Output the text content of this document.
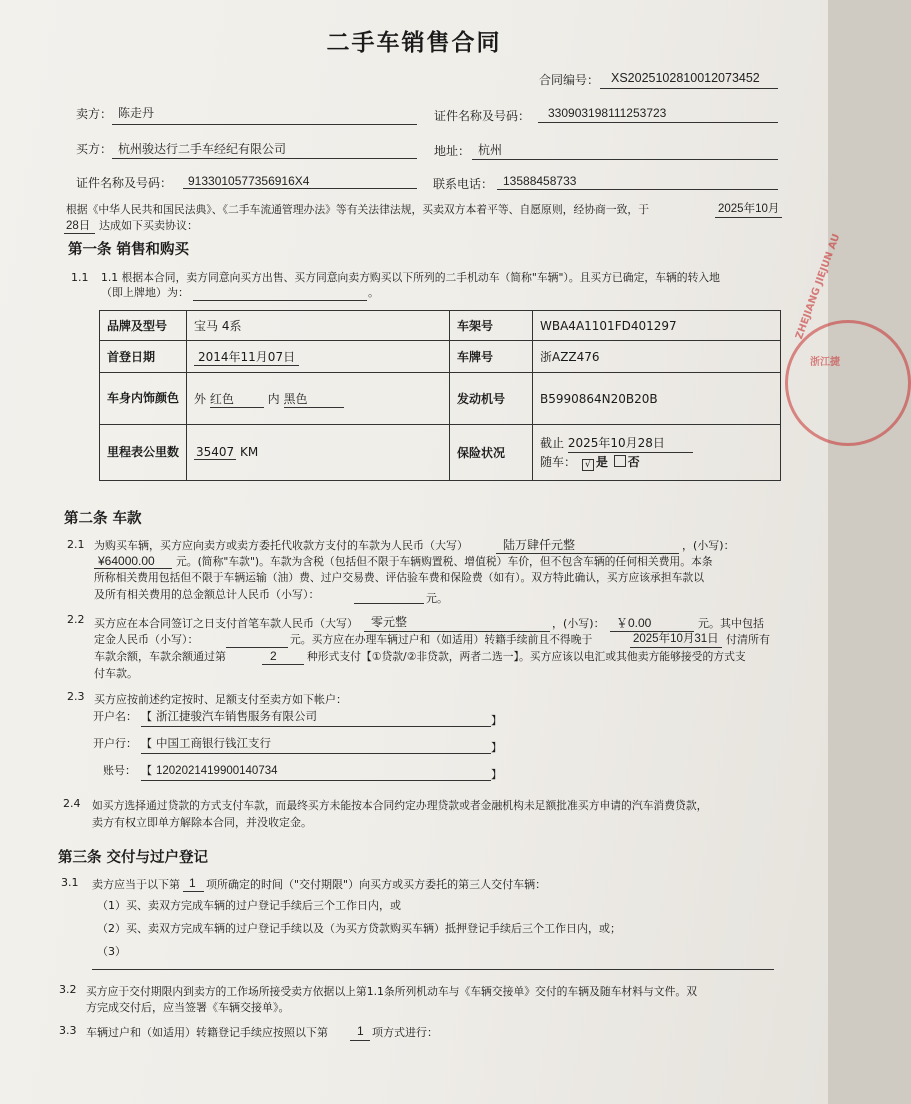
二手车销售合同
合同编号： XS2025102810012073452
卖方： 陈走丹	证件名称及号码： 330903198111253723
买方： 杭州骏达行二手车经纪有限公司	地址： 杭州
证件名称及号码： 9133010577356916X4	联系电话： 13588458733
根据《中华人民共和国民法典》、《二手车流通管理办法》等有关法律法规，买卖双方本着平等、自愿原则，经协商一致，于	2025年10月
28日 达成如下买卖协议：
第一条 销售和购买
1.1 1.1 根据本合同，卖方同意向买方出售、买方同意向卖方购买以下所列的二手机动车（简称"车辆"）。且买方已确定，车辆的转入地
（即上牌地）为：	。
品牌及型号	宝马 4系	车架号	WBA4A1101FD401297
首登日期	2014年11月07日	车牌号	浙AZZ476
车身内饰颜色	外 红色 内 黑色	发动机号	B5990864N20B20B
里程表公里数	35407 KM	保险状况	截止 2025年10月28日
随车： √ 是 否
ZHEJIANG JIEJUN AU
浙江捷
第二条 车款
2.1 为购买车辆，买方应向卖方或卖方委托代收款方支付的车款为人民币（大写）	陆万肆仟元整	，(小写)：
¥64000.00 元。(简称"车款")。车款为含税（包括但不限于车辆购置税、增值税）车价，但不包含车辆的任何相关费用。本条
所称相关费用包括但不限于车辆运输（油）费、过户交易费、评估验车费和保险费（如有）。双方特此确认，买方应该承担车款以
及所有相关费用的总金额总计人民币（小写）：	元。
2.2 买方应在本合同签订之日支付首笔车款人民币（大写） 零元整	，(小写)： ￥0.00	元。其中包括
定金人民币（小写）：	元。买方应在办理车辆过户和（如适用）转籍手续前且不得晚于	2025年10月31日 付清所有
车款余额，车款余额通过第	2	种形式支付【①贷款/②非贷款，两者二选一】。买方应该以电汇或其他卖方能够接受的方式支
付车款。
2.3 买方应按前述约定按时、足额支付至卖方如下帐户：
开户名： 【 浙江捷骏汽车销售服务有限公司	】
开户行： 【 中国工商银行钱江支行	】
账号： 【 1202021419900140734	】
2.4 如买方选择通过贷款的方式支付车款，而最终买方未能按本合同约定办理贷款或者金融机构未足额批准买方申请的汽车消费贷款，
卖方有权立即单方解除本合同，并没收定金。
第三条 交付与过户登记
3.1 卖方应当于以下第 1 项所确定的时间（"交付期限"）向买方或买方委托的第三人交付车辆：
（1）买、卖双方完成车辆的过户登记手续后三个工作日内，或
（2）买、卖双方完成车辆的过户登记手续以及（为买方贷款购买车辆）抵押登记手续后三个工作日内，或；
（3）
3.2 买方应于交付期限内到卖方的工作场所接受卖方依据以上第1.1条所列机动车与《车辆交接单》交付的车辆及随车材料与文件。双
方完成交付后，应当签署《车辆交接单》。
3.3 车辆过户和（如适用）转籍登记手续应按照以下第 1 项方式进行：
